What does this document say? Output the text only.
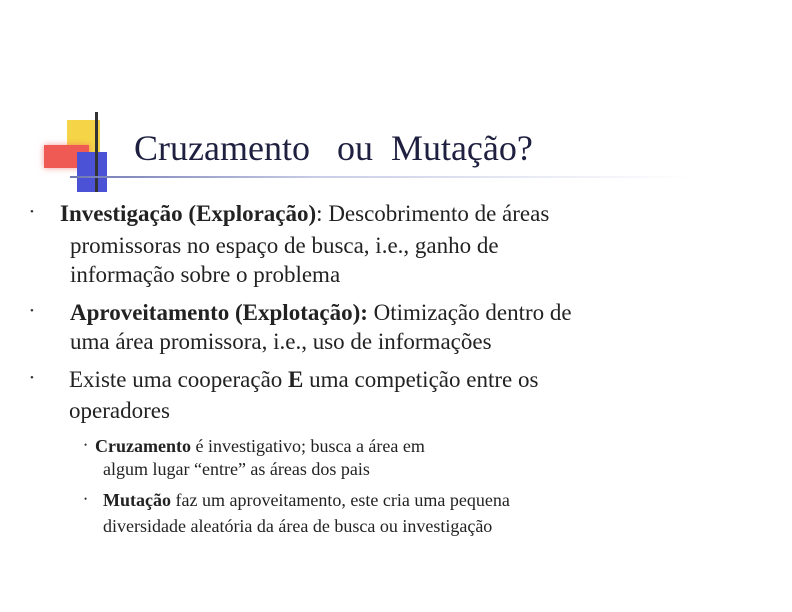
Cruzamento   ou  Mutação?
• Investigação (Exploração): Descobrimento de áreas
promissoras no espaço de busca, i.e., ganho de
informação sobre o problema
• Aproveitamento (Explotação): Otimização dentro de
uma área promissora, i.e., uso de informações
• Existe uma cooperação E uma competição entre os
operadores
• Cruzamento é investigativo; busca a área em
algum lugar “entre” as áreas dos pais
• Mutação faz um aproveitamento, este cria uma pequena
diversidade aleatória da área de busca ou investigação
